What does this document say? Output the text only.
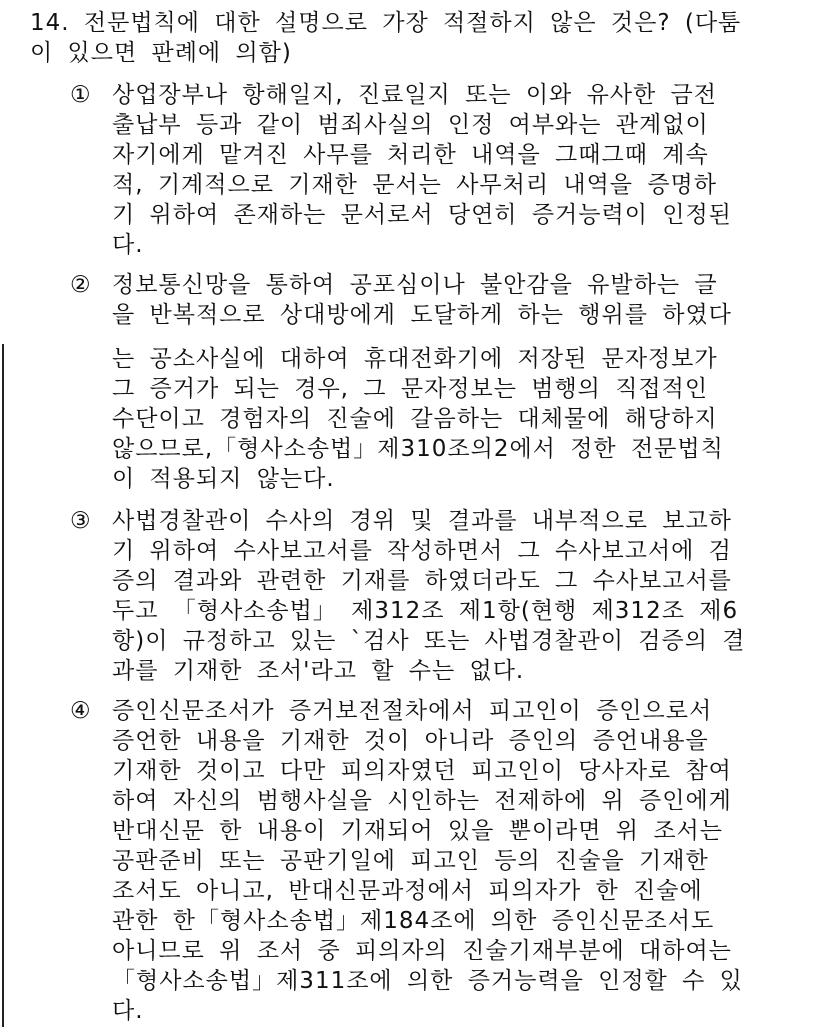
14. 전문법칙에 대한 설명으로 가장 적절하지 않은 것은? (다툼
이 있으면 판례에 의함)
① 상업장부나 항해일지, 진료일지 또는 이와 유사한 금전
출납부 등과 같이 범죄사실의 인정 여부와는 관계없이
자기에게 맡겨진 사무를 처리한 내역을 그때그때 계속
적, 기계적으로 기재한 문서는 사무처리 내역을 증명하
기 위하여 존재하는 문서로서 당연히 증거능력이 인정된
다.
② 정보통신망을 통하여 공포심이나 불안감을 유발하는 글
을 반복적으로 상대방에게 도달하게 하는 행위를 하였다
는 공소사실에 대하여 휴대전화기에 저장된 문자정보가
그 증거가 되는 경우, 그 문자정보는 범행의 직접적인
수단이고 경험자의 진술에 갈음하는 대체물에 해당하지
않으므로,「형사소송법」제310조의2에서 정한 전문법칙
이 적용되지 않는다.
③ 사법경찰관이 수사의 경위 및 결과를 내부적으로 보고하
기 위하여 수사보고서를 작성하면서 그 수사보고서에 검
증의 결과와 관련한 기재를 하였더라도 그 수사보고서를
두고 「형사소송법」 제312조 제1항(현행 제312조 제6
항)이 규정하고 있는 `검사 또는 사법경찰관이 검증의 결
과를 기재한 조서'라고 할 수는 없다.
④ 증인신문조서가 증거보전절차에서 피고인이 증인으로서
증언한 내용을 기재한 것이 아니라 증인의 증언내용을
기재한 것이고 다만 피의자였던 피고인이 당사자로 참여
하여 자신의 범행사실을 시인하는 전제하에 위 증인에게
반대신문 한 내용이 기재되어 있을 뿐이라면 위 조서는
공판준비 또는 공판기일에 피고인 등의 진술을 기재한
조서도 아니고, 반대신문과정에서 피의자가 한 진술에
관한 한「형사소송법」제184조에 의한 증인신문조서도
아니므로 위 조서 중 피의자의 진술기재부분에 대하여는
「형사소송법」제311조에 의한 증거능력을 인정할 수 있
다.
